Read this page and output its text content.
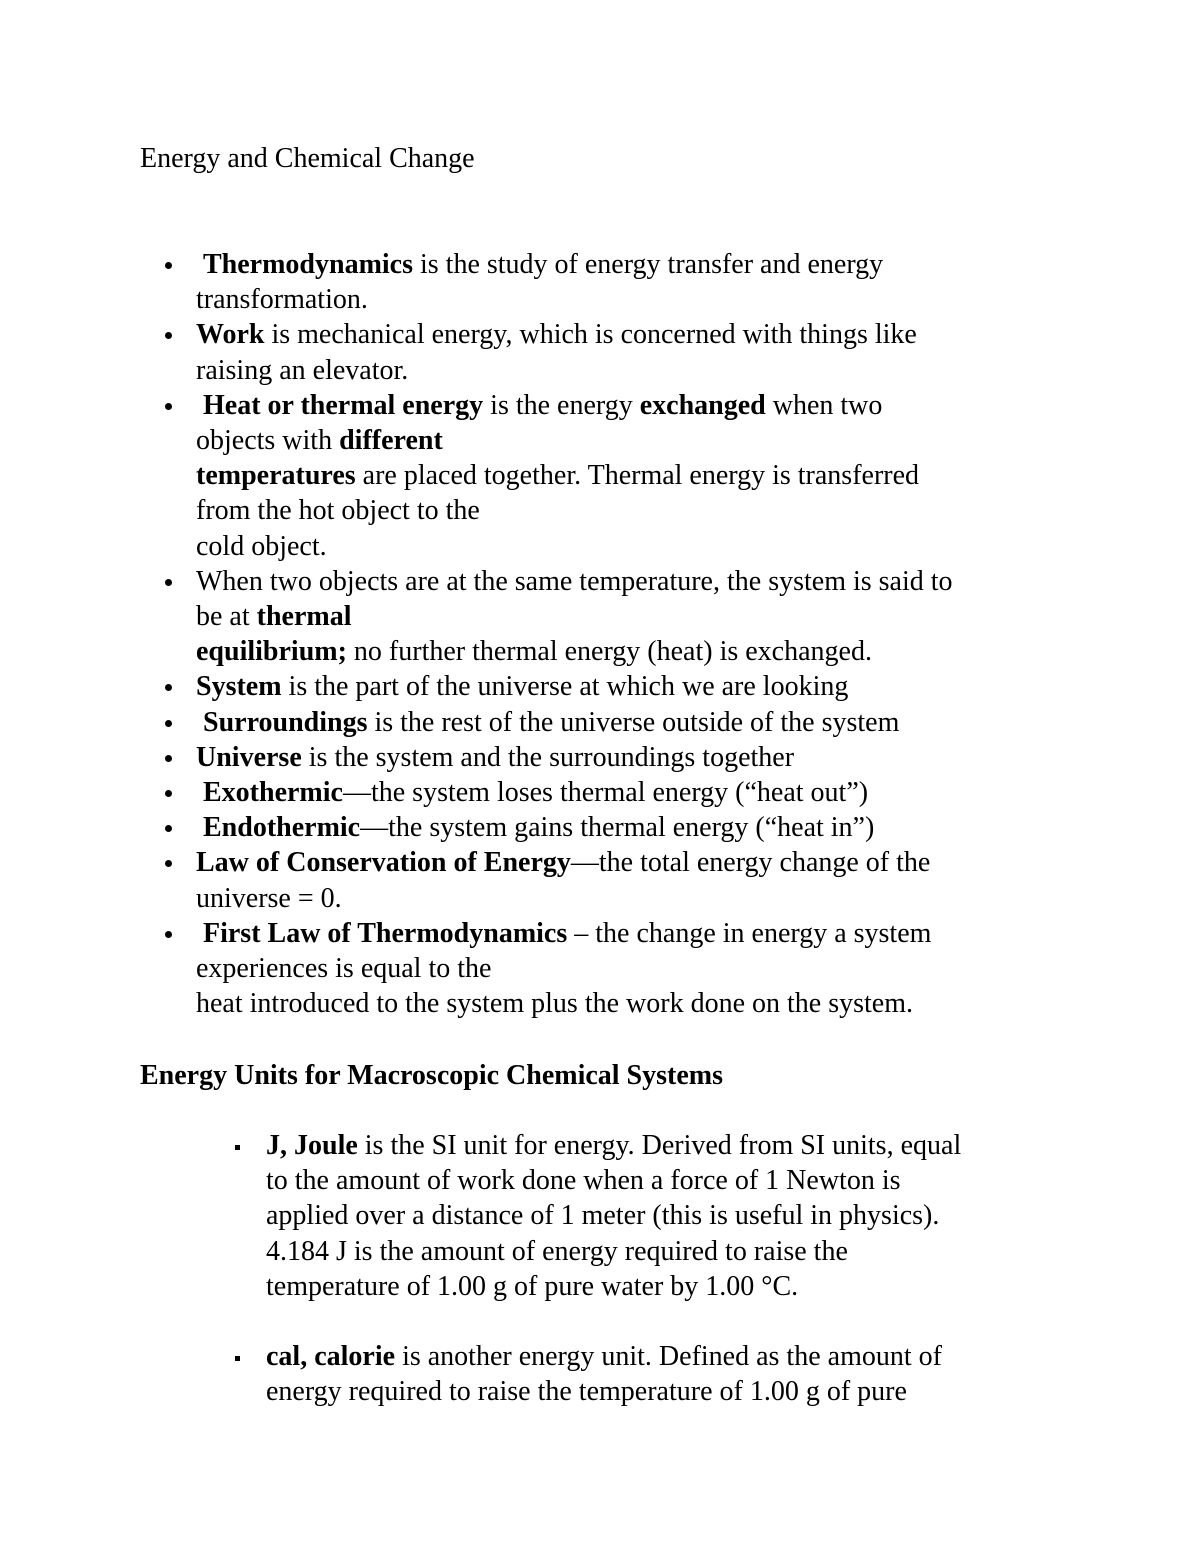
Energy and Chemical Change
Thermodynamics is the study of energy transfer and energy
transformation.
Work is mechanical energy, which is concerned with things like
raising an elevator.
Heat or thermal energy is the energy exchanged when two
objects with different
temperatures are placed together. Thermal energy is transferred
from the hot object to the
cold object.
When two objects are at the same temperature, the system is said to
be at thermal
equilibrium; no further thermal energy (heat) is exchanged.
System is the part of the universe at which we are looking
Surroundings is the rest of the universe outside of the system
Universe is the system and the surroundings together
Exothermic—the system loses thermal energy (“heat out”)
Endothermic—the system gains thermal energy (“heat in”)
Law of Conservation of Energy—the total energy change of the
universe = 0.
First Law of Thermodynamics – the change in energy a system
experiences is equal to the
heat introduced to the system plus the work done on the system.
Energy Units for Macroscopic Chemical Systems
J, Joule is the SI unit for energy. Derived from SI units, equal
to the amount of work done when a force of 1 Newton is
applied over a distance of 1 meter (this is useful in physics).
4.184 J is the amount of energy required to raise the
temperature of 1.00 g of pure water by 1.00 °C.
cal, calorie is another energy unit. Defined as the amount of
energy required to raise the temperature of 1.00 g of pure
